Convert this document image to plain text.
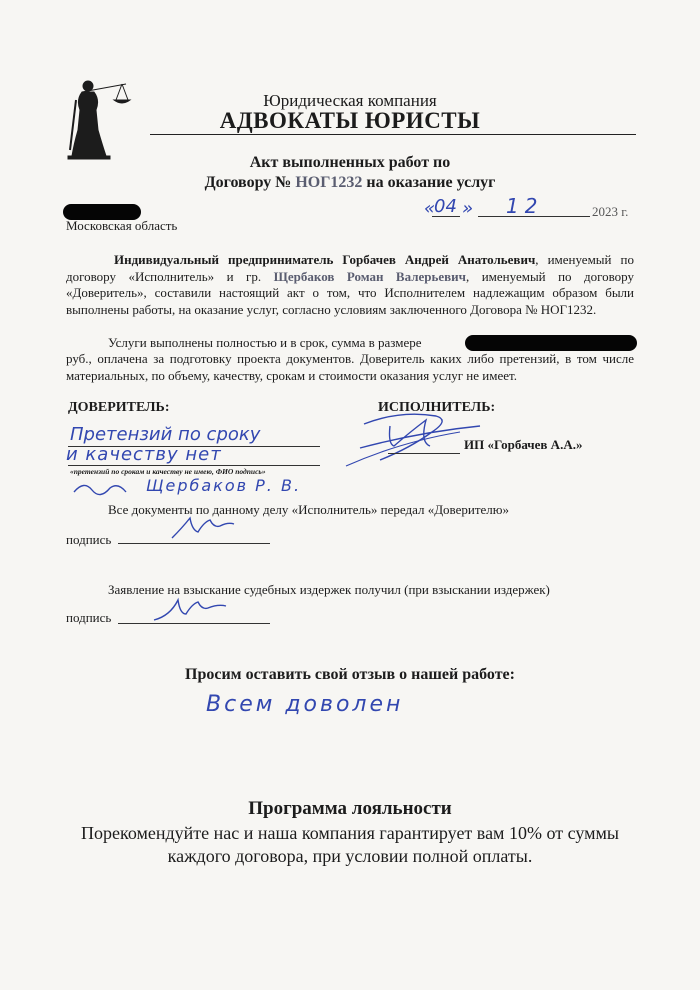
Юридическая компания
АДВОКАТЫ ЮРИСТЫ
Акт выполненных работ по
Договору № НОГ1232 на оказание услуг
Московская область
«
04 » 12	2023 г.
Индивидуальный предприниматель Горбачев Андрей Анатольевич, именуемый по договору «Исполнитель» и гр. Щербаков Роман Валерьевич, именуемый по договору «Доверитель», составили настоящий акт о том, что Исполнителем надлежащим образом были выполнены работы, на оказание услуг, согласно условиям заключенного Договора № НОГ1232.
Услуги выполнены полностью и в срок, сумма в размере
руб., оплачена за подготовку проекта документов. Доверитель каких либо претензий, в том числе материальных, по объему, качеству, срокам и стоимости оказания услуг не имеет.
ДОВЕРИТЕЛЬ:	ИСПОЛНИТЕЛЬ:
Претензий по сроку
и качеству нет
«претензий по срокам и качеству не имею, ФИО подпись»
Щербаков Р. В.
ИП «Горбачев А.А.»
Все документы по данному делу «Исполнитель» передал «Доверителю»
подпись
Заявление на взыскание судебных издержек получил (при взыскании издержек)
подпись
Просим оставить свой отзыв о нашей работе:
Всем доволен
Программа лояльности
Порекомендуйте нас и наша компания гарантирует вам 10% от суммы каждого договора, при условии полной оплаты.
